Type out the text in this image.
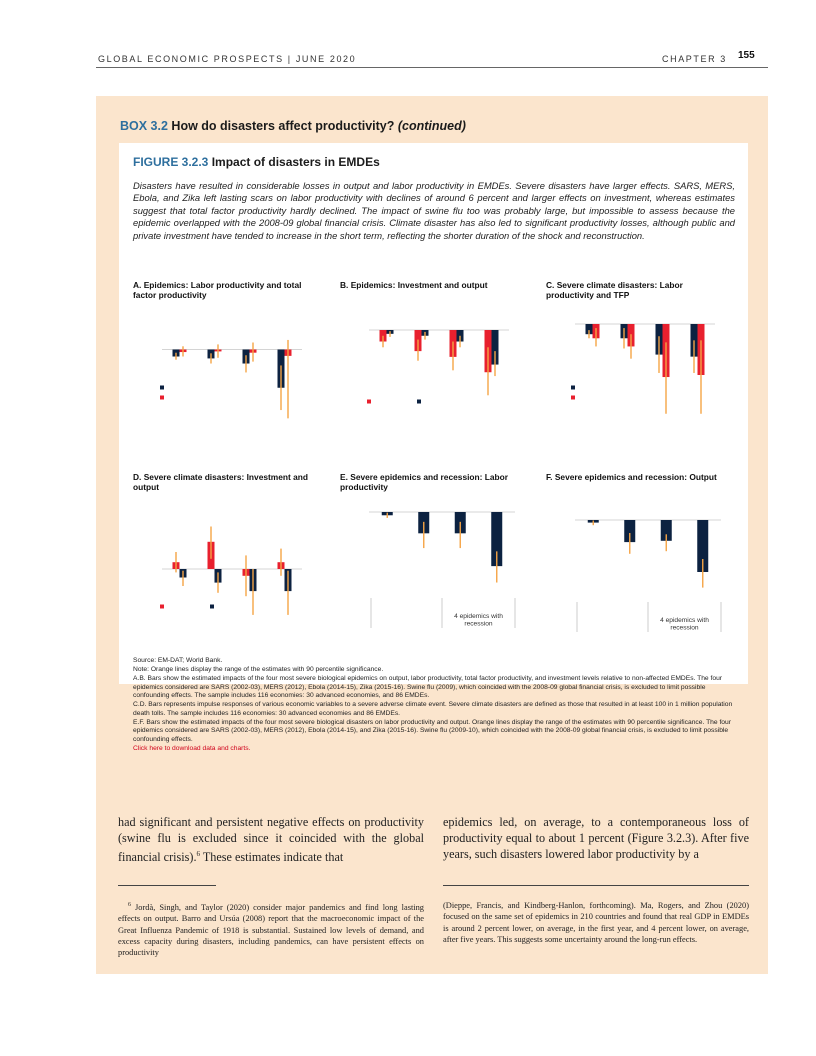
GLOBAL ECONOMIC PROSPECTS | JUNE 2020	CHAPTER 3 155
BOX 3.2 How do disasters affect productivity? (continued)
FIGURE 3.2.3 Impact of disasters in EMDEs
Disasters have resulted in considerable losses in output and labor productivity in EMDEs. Severe disasters have larger effects. SARS, MERS, Ebola, and Zika left lasting scars on labor productivity with declines of around 6 percent and larger effects on investment, whereas estimates suggest that total factor productivity hardly declined. The impact of swine flu too was probably large, but impossible to assess because the epidemic overlapped with the 2008-09 global financial crisis. Climate disaster has also led to significant productivity losses, although public and private investment have tended to increase in the short term, reflecting the shorter duration of the shock and reconstruction.
A. Epidemics: Labor productivity and total factor productivity
B. Epidemics: Investment and output	C. Severe climate disasters: Labor productivity and TFP
D. Severe climate disasters: Investment and output
E. Severe epidemics and recession: Labor productivity
F. Severe epidemics and recession: Output
4 epidemics with recession	4 epidemics with recession

Source: EM-DAT; World Bank.

Note: Orange lines display the range of the estimates with 90 percentile significance.

A.B. Bars show the estimated impacts of the four most severe biological epidemics on output, labor productivity, total factor productivity, and investment levels relative to non-affected EMDEs. The four epidemics considered are SARS (2002-03), MERS (2012), Ebola (2014-15), Zika (2015-16). Swine flu (2009), which coincided with the 2008-09 global financial crisis, is excluded to limit possible confounding effects. The sample includes 116 economies: 30 advanced economies, and 86 EMDEs.

C.D. Bars represents impulse responses of various economic variables to a severe adverse climate event. Severe climate disasters are defined as those that resulted in at least 100 in 1 million population death tolls. The sample includes 116 economies: 30 advanced economies and 86 EMDEs.

E.F. Bars show the estimated impacts of the four most severe biological disasters on labor productivity and output. Orange lines display the range of the estimates with 90 percentile significance. The four epidemics considered are SARS (2002-03), MERS (2012), Ebola (2014-15), and Zika (2015-16). Swine flu (2009-10), which coincided with the 2008-09 global financial crisis, is excluded to limit possible confounding effects.

Click here to download data and charts.

had significant and persistent negative effects on productivity (swine flu is excluded since it coincided with the global financial crisis).$^6$ These estimates indicate that
epidemics led, on average, to a contemporaneous loss of productivity equal to about 1 percent (Figure 3.2.3). After five years, such disasters lowered labor productivity by a
$^6$ Jordà, Singh, and Taylor (2020) consider major pandemics and find long lasting effects on output. Barro and Ursúa (2008) report that the macroeconomic impact of the Great Influenza Pandemic of 1918 is substantial. Sustained low levels of demand, and excess capacity during disasters, including pandemics, can have persistent effects on productivity
(Dieppe, Francis, and Kindberg-Hanlon, forthcoming). Ma, Rogers, and Zhou (2020) focused on the same set of epidemics in 210 countries and found that real GDP in EMDEs is around 2 percent lower, on average, in the first year, and 4 percent lower, on average, after five years. This suggests some uncertainty around the long-run effects.
